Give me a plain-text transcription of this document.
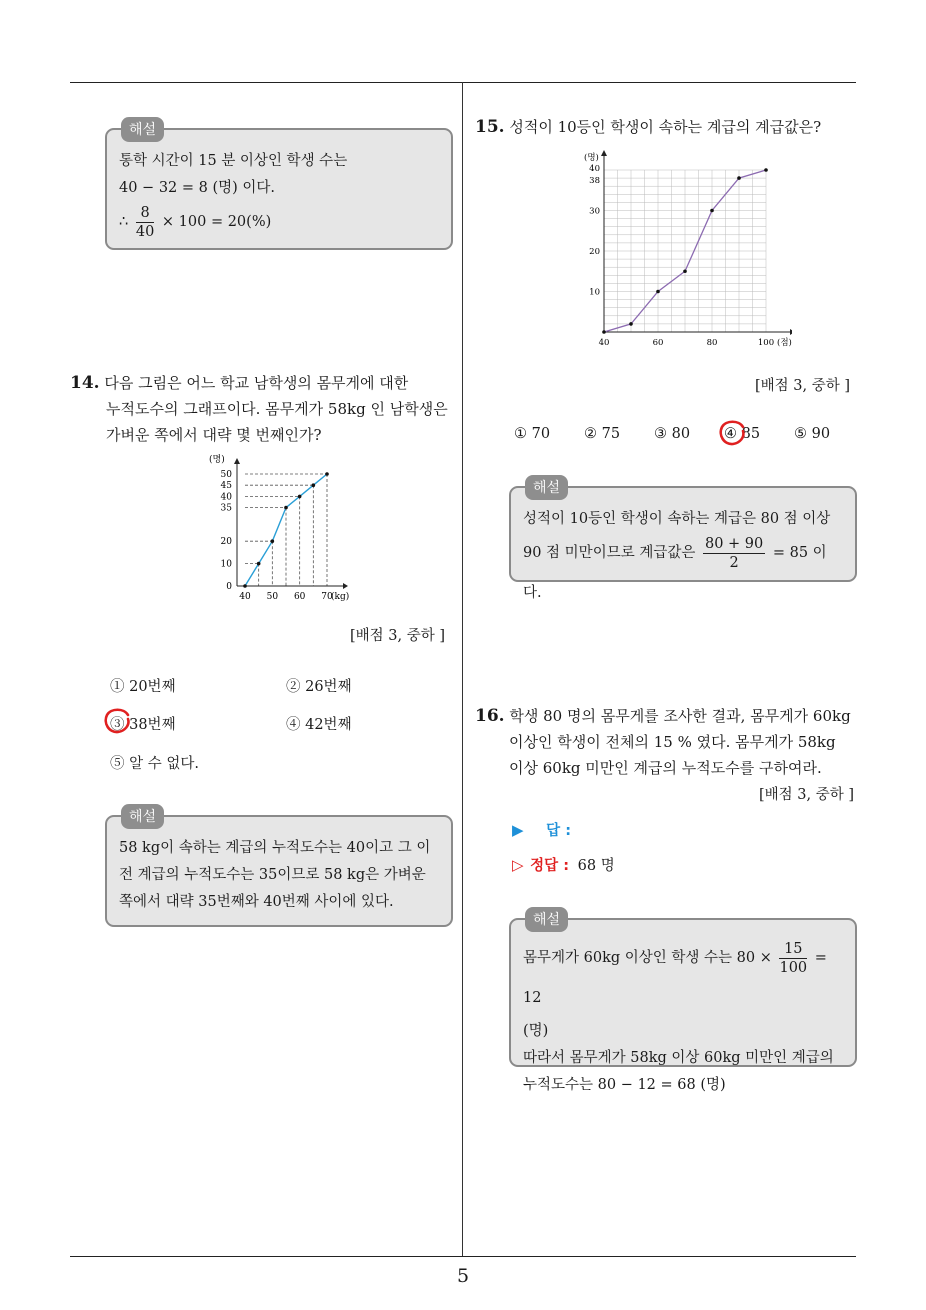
해설
통학 시간이 15 분 이상인 학생 수는
40 − 32 = 8 (명) 이다.
∴ $\frac{8}{40} \times 100 = 20(\%)$
14. 다음 그림은 어느 학교 남학생의 몸무게에 대한
누적도수의 그래프이다. 몸무게가 58kg 인 남학생은
가벼운 쪽에서 대략 몇 번째인가?
0
10
20
35
40
45
50
40 50 60 70
(명)
(kg)
[배점 3, 중하 ]
① 20번째	② 26번째
③ 38번째	④ 42번째
⑤ 알 수 없다.
해설
58 kg이 속하는 계급의 누적도수는 40이고 그 이
전 계급의 누적도수는 35이므로 58 kg은 가벼운
쪽에서 대략 35번째와 40번째 사이에 있다.
15. 성적이 10등인 학생이 속하는 계급의 계급값은?
10
20
30
38
40
40	60	80	100
(명)
(점)
[배점 3, 중하 ]
① 70 ② 75 ③ 80 ④ 85 ⑤ 90
해설
성적이 10등인 학생이 속하는 계급은 80 점 이상
90 점 미만이므로 계급값은 $\frac{80 + 90}{2} = 85$ 이다.
16. 학생 80 명의 몸무게를 조사한 결과, 몸무게가 60kg
이상인 학생이 전체의 15 % 였다. 몸무게가 58kg
이상 60kg 미만인 계급의 누적도수를 구하여라.
[배점 3, 중하 ]
▶ 답 :
▷ 정답 : 68 명
해설
몸무게가 60kg 이상인 학생 수는 $80 \times \frac{15}{100} = 12$
(명)
따라서 몸무게가 58kg 이상 60kg 미만인 계급의
누적도수는 80 − 12 = 68 (명)
5
